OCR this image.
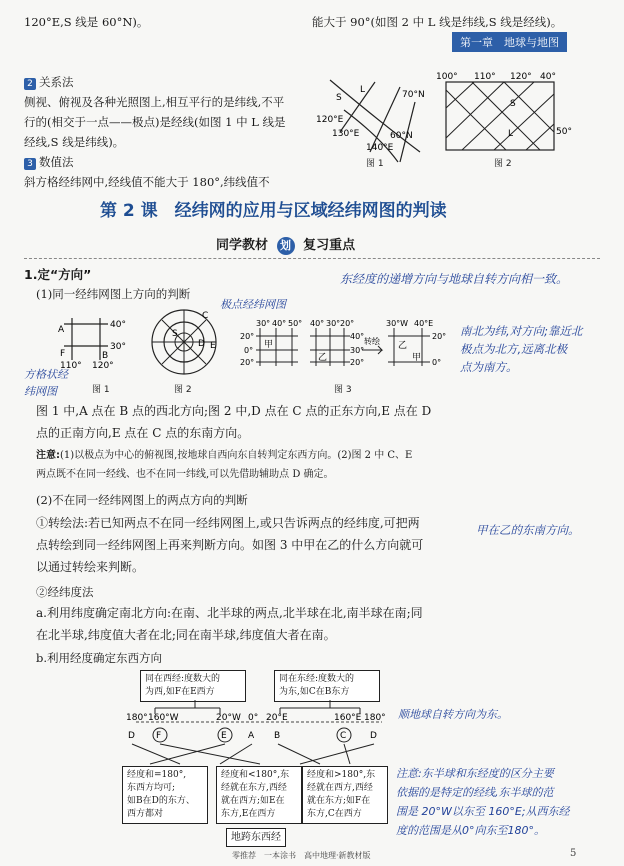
120°E,S 线是 60°N)。	能大于 90°(如图 2 中 L 线是纬线,S 线是经线)。
第一章　地球与地图
2 关系法
侧视、俯视及各种光照图上,相互平行的是纬线,不平
行的(相交于一点——极点)是经线(如图 1 中 L 线是
经线,S 线是纬线)。
3 数值法
斜方格经纬网中,经线值不能大于 180°,纬线值不
S
L	70°N
120°E
130°E	60°N
140°E
图 1
100° 110° 120° 40°
S
L	50°
图 2
第 2 课　经纬网的应用与区域经纬网图的判读
同学教材 划 复习重点
1.定“方向”	东经度的递增方向与地球自转方向相一致。
(1)同一经纬网图上方向的判断
极点经纬网图
A
B
F
40°
30°
110° 120°
方格状经
纬网图	图 1
C
D E
S
图 2
30° 40° 50°
20°
0°
20°
甲
40° 30° 20°
40°
30°
20°
乙
转绘
30°W 40°E
20°
0°
乙
甲
图 3
南北为纬,对方向;靠近北
极点为北方,远离北极
点为南方。
图 1 中,A 点在 B 点的西北方向;图 2 中,D 点在 C 点的正东方向,E 点在 D
点的正南方向,E 点在 C 点的东南方向。
注意:(1)以极点为中心的俯视图,按地球自西向东自转判定东西方向。(2)图 2 中 C、E
两点既不在同一经线、也不在同一纬线,可以先借助辅助点 D 确定。
(2)不在同一经纬网图上的两点方向的判断
①转绘法:若已知两点不在同一经纬网图上,或只告诉两点的经纬度,可把两
点转绘到同一经纬网图上再来判断方向。如图 3 中甲在乙的什么方向就可
以通过转绘来判断。
甲在乙的东南方向。
②经纬度法
a.利用纬度确定南北方向:在南、北半球的两点,北半球在北,南半球在南;同
在北半球,纬度值大者在北;同在南半球,纬度值大者在南。
b.利用经度确定东西方向
同在西经:度数大的
为西,如F在E西方
同在东经:度数大的
为东,如C在B东方
180° 160°W	20°W 0° 20°E	160°E 180°
D F	E A B	C	D
顺地球自转方向为东。
经度和=180°,
东西方均可;
如B在D的东方、
西方都对
经度和<180°,东
经就在东方,西经
就在西方;如E在
东方,E在西方
经度和>180°,东
经就在西方,西经
就在东方;如F在
东方,C在西方
地跨东西经
注意:东半球和东经度的区分主要
依据的是特定的经线,东半球的范
围是 20°W以东至 160°E;从西东经
度的范围是从0°向东至180°。
零推荐　一本涂书　高中地理·新教材版	5
